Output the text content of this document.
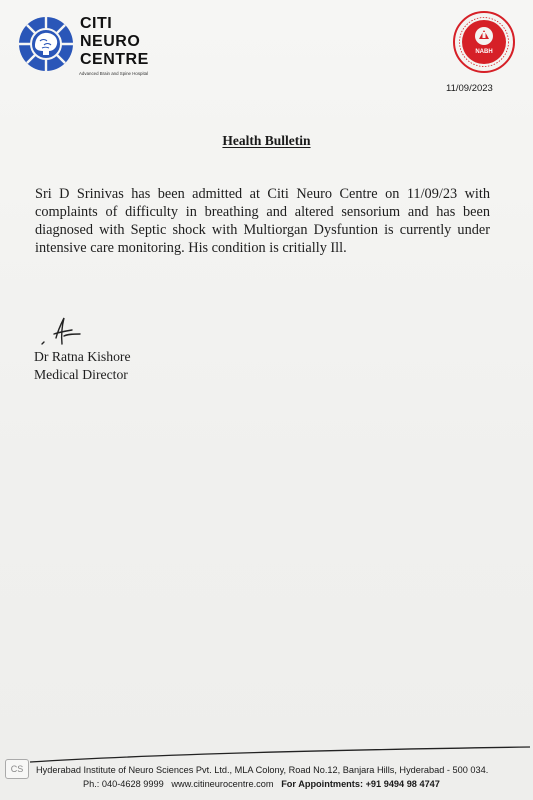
CITI
NEURO
CENTRE
Advanced Brain and Spine Hospital
NABH
11/09/2023
Health Bulletin

Sri D Srinivas has been admitted at Citi Neuro Centre on 11/09/23 with complaints of difficulty in breathing and altered sensorium and has been diagnosed with Septic shock with Multiorgan Dysfuntion is currently under intensive care monitoring. His condition is critially Ill.

Dr Ratna Kishore
Medical Director
CS	Hyderabad Institute of Neuro Sciences Pvt. Ltd., MLA Colony, Road No.12, Banjara Hills, Hyderabad - 500 034.
Ph.: 040-4628 9999 www.citineurocentre.com For Appointments: +91 9494 98 4747
